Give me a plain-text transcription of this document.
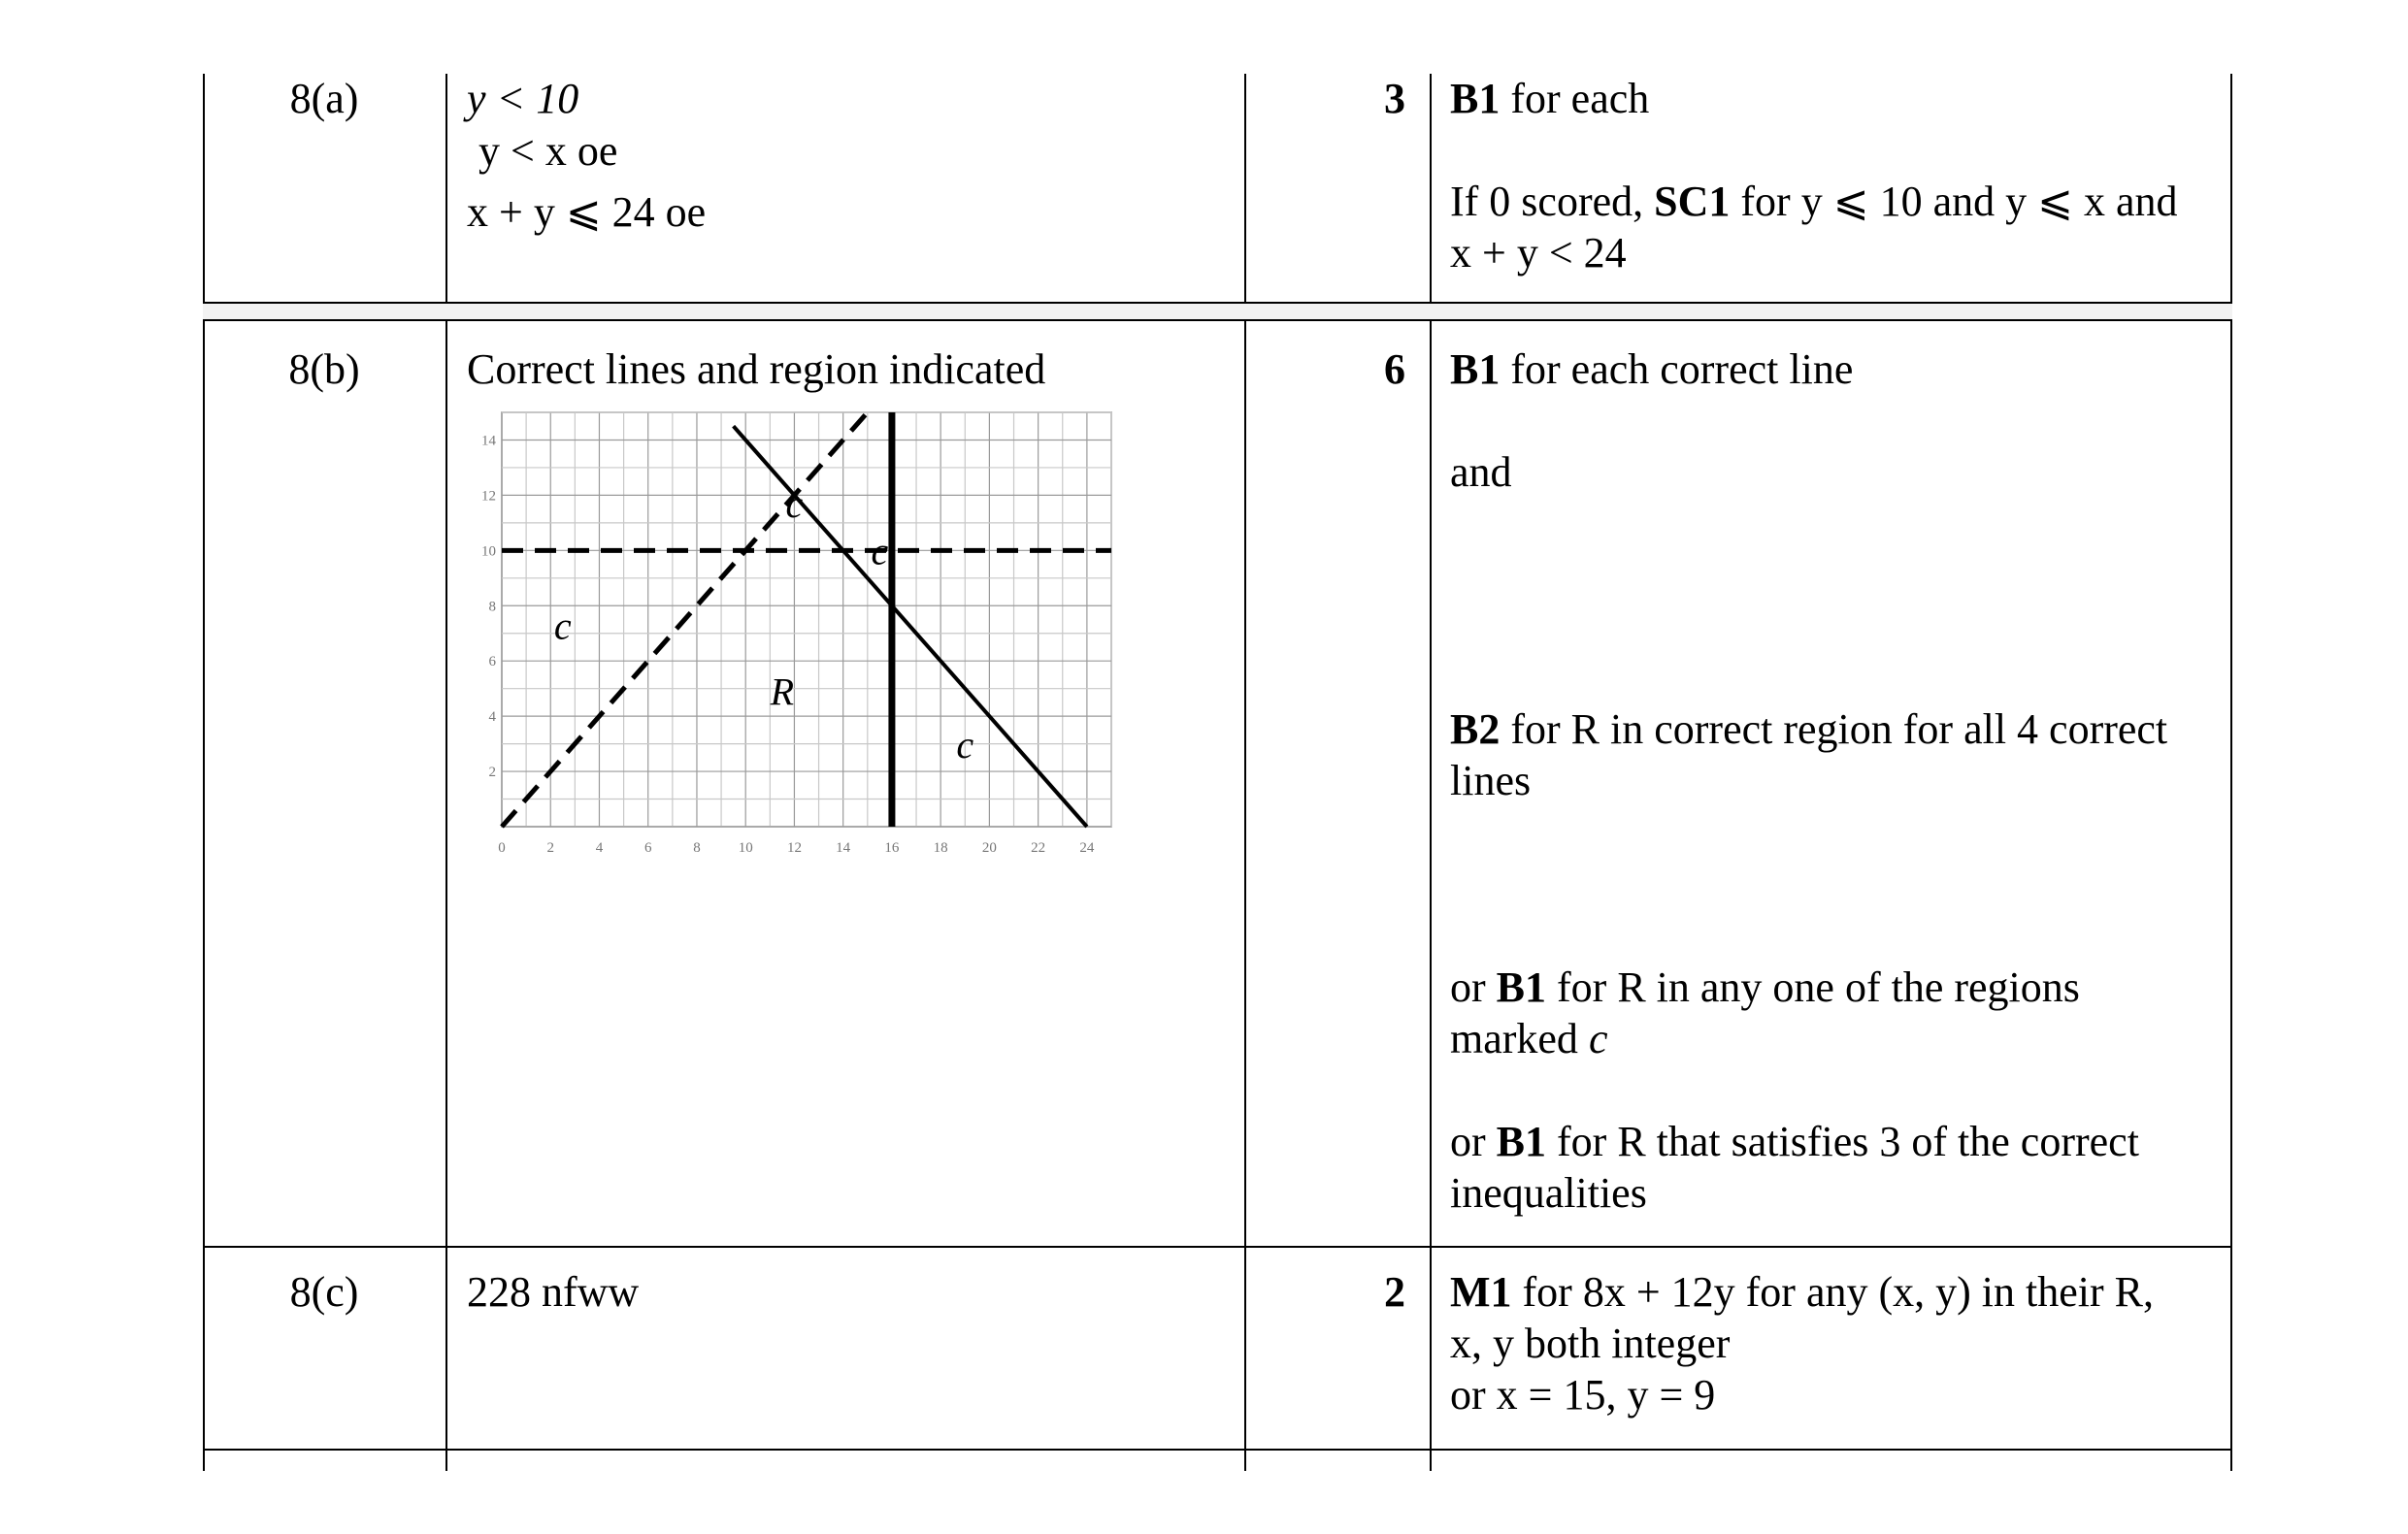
8(a)	y < 10
y < x oe
x + y ⩽ 24 oe
3 B1 for each
If 0 scored, SC1 for y ⩽ 10 and y ⩽ x and
x + y < 24
8(b)	Correct lines and region indicated	6 B1 for each correct line
and
B2 for R in correct region for all 4 correct
lines
or B1 for R in any one of the regions
marked c
or B1 for R that satisfies 3 of the correct
inequalities
0	2	4	6	8	10 12 14 16 18 20 22 24
2
4
6
8
10
12
14
c
c
c
R
c
8(c)	228 nfww	2 M1 for 8x + 12y for any (x, y) in their R,
x, y both integer
or x = 15, y = 9
